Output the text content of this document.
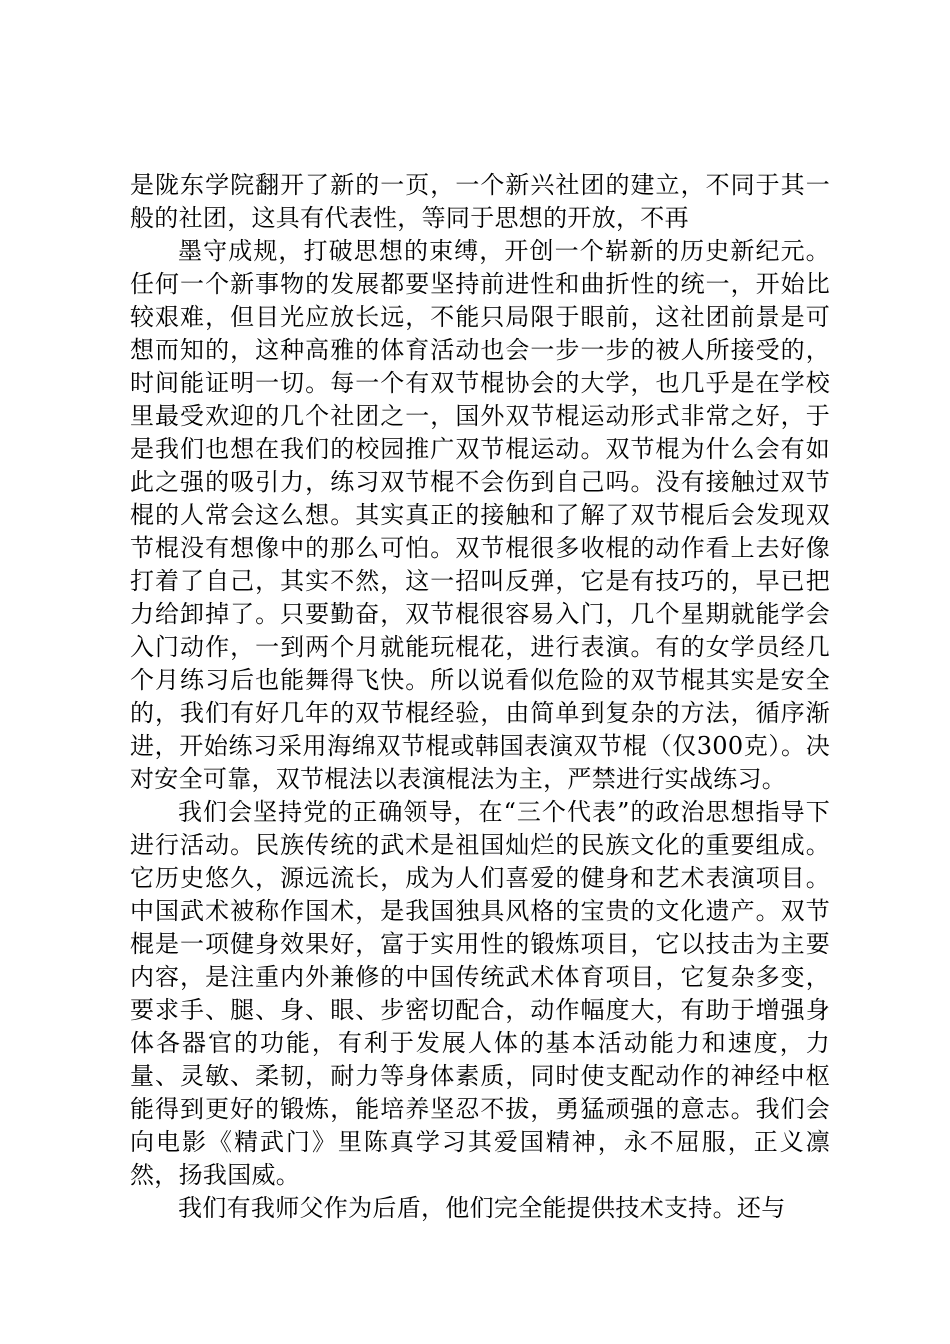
是陇东学院翻开了新的一页，一个新兴社团的建立，不同于其一般的社团，这具有代表性，等同于思想的开放，不再

墨守成规，打破思想的束缚，开创一个崭新的历史新纪元。任何一个新事物的发展都要坚持前进性和曲折性的统一，开始比较艰难，但目光应放长远，不能只局限于眼前，这社团前景是可想而知的，这种高雅的体育活动也会一步一步的被人所接受的，时间能证明一切。每一个有双节棍协会的大学，也几乎是在学校里最受欢迎的几个社团之一，国外双节棍运动形式非常之好，于是我们也想在我们的校园推广双节棍运动。双节棍为什么会有如此之强的吸引力，练习双节棍不会伤到自己吗。没有接触过双节棍的人常会这么想。其实真正的接触和了解了双节棍后会发现双节棍没有想像中的那么可怕。双节棍很多收棍的动作看上去好像打着了自己，其实不然，这一招叫反弹，它是有技巧的，早已把力给卸掉了。只要勤奋，双节棍很容易入门，几个星期就能学会入门动作，一到两个月就能玩棍花，进行表演。有的女学员经几个月练习后也能舞得飞快。所以说看似危险的双节棍其实是安全的，我们有好几年的双节棍经验，由简单到复杂的方法，循序渐进，开始练习采用海绵双节棍或韩国表演双节棍（仅300克）。决对安全可靠，双节棍法以表演棍法为主，严禁进行实战练习。

我们会坚持党的正确领导，在“三个代表”的政治思想指导下进行活动。民族传统的武术是祖国灿烂的民族文化的重要组成。它历史悠久，源远流长，成为人们喜爱的健身和艺术表演项目。中国武术被称作国术，是我国独具风格的宝贵的文化遗产。双节棍是一项健身效果好，富于实用性的锻炼项目，它以技击为主要内容，是注重内外兼修的中国传统武术体育项目，它复杂多变，要求手、腿、身、眼、步密切配合，动作幅度大，有助于增强身体各器官的功能，有利于发展人体的基本活动能力和速度，力量、灵敏、柔韧，耐力等身体素质，同时使支配动作的神经中枢能得到更好的锻炼，能培养坚忍不拔，勇猛顽强的意志。我们会向电影《精武门》里陈真学习其爱国精神，永不屈服，正义凛然，扬我国威。

我们有我师父作为后盾，他们完全能提供技术支持。还与
